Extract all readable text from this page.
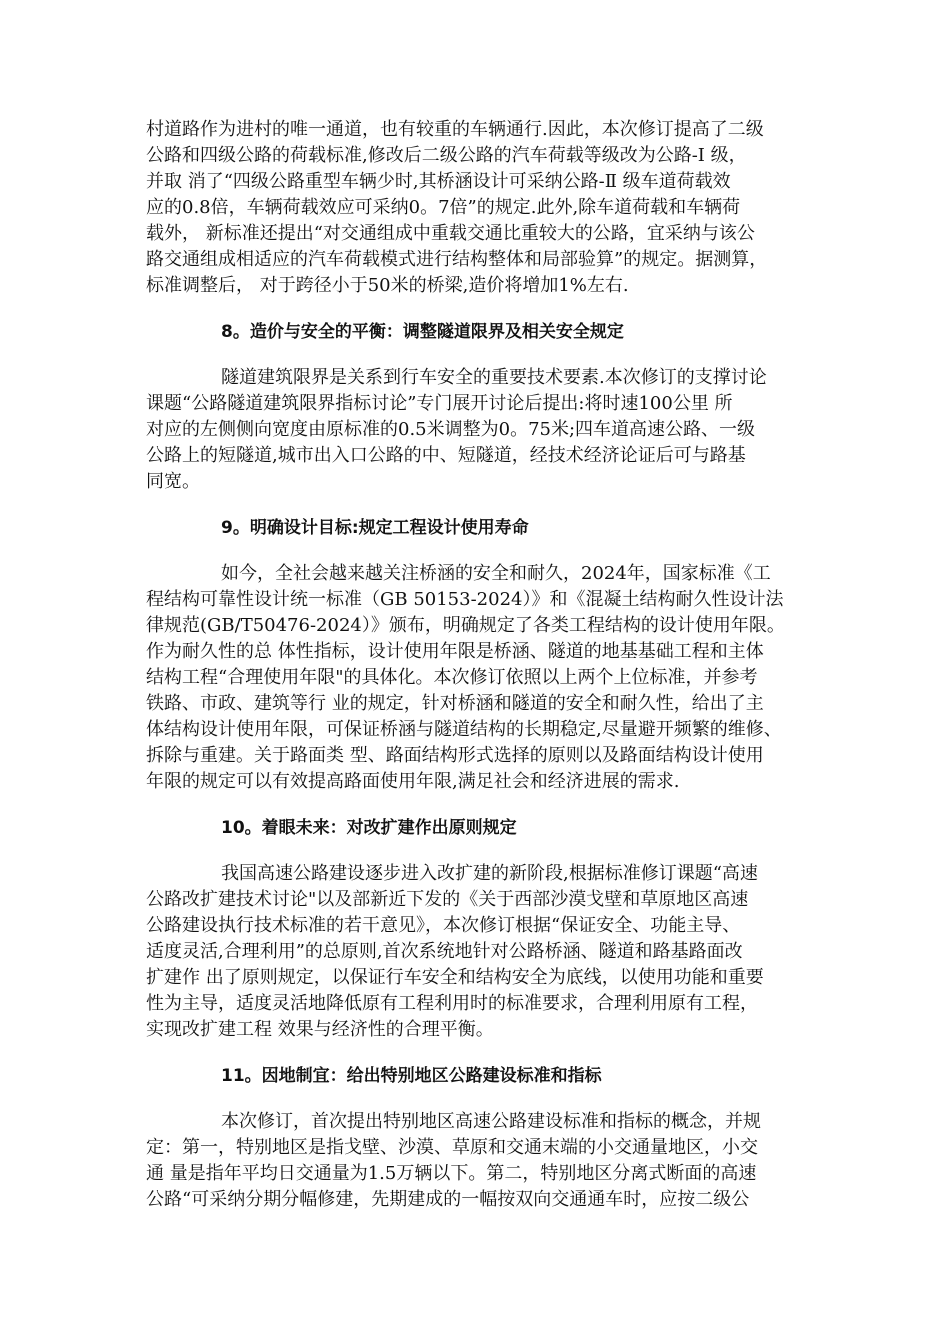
村道路作为进村的唯一通道，也有较重的车辆通行.因此，本次修订提高了二级
公路和四级公路的荷载标准,修改后二级公路的汽车荷载等级改为公路-Ⅰ 级，
并取 消了“四级公路重型车辆少时,其桥涵设计可采纳公路-Ⅱ 级车道荷载效
应的0.8倍，车辆荷载效应可采纳0。7倍”的规定.此外,除车道荷载和车辆荷
载外， 新标准还提出“对交通组成中重载交通比重较大的公路，宜采纳与该公
路交通组成相适应的汽车荷载模式进行结构整体和局部验算”的规定。据测算，
标准调整后， 对于跨径小于50米的桥梁,造价将增加1%左右.
8。造价与安全的平衡：调整隧道限界及相关安全规定
隧道建筑限界是关系到行车安全的重要技术要素.本次修订的支撑讨论
课题“公路隧道建筑限界指标讨论”专门展开讨论后提出:将时速100公里 所
对应的左侧侧向宽度由原标准的0.5米调整为0。75米;四车道高速公路、一级
公路上的短隧道,城市出入口公路的中、短隧道，经技术经济论证后可与路基
同宽。
9。明确设计目标:规定工程设计使用寿命
如今，全社会越来越关注桥涵的安全和耐久，2024年，国家标准《工
程结构可靠性设计统一标准（GB 50153-2024）》和《混凝土结构耐久性设计法
律规范(GB/T50476-2024）》颁布，明确规定了各类工程结构的设计使用年限。
作为耐久性的总 体性指标，设计使用年限是桥涵、隧道的地基基础工程和主体
结构工程“合理使用年限"的具体化。本次修订依照以上两个上位标准，并参考
铁路、市政、建筑等行 业的规定，针对桥涵和隧道的安全和耐久性，给出了主
体结构设计使用年限，可保证桥涵与隧道结构的长期稳定,尽量避开频繁的维修、
拆除与重建。关于路面类 型、路面结构形式选择的原则以及路面结构设计使用
年限的规定可以有效提高路面使用年限,满足社会和经济进展的需求.
10。着眼未来：对改扩建作出原则规定
我国高速公路建设逐步进入改扩建的新阶段,根据标准修订课题“高速
公路改扩建技术讨论"以及部新近下发的《关于西部沙漠戈壁和草原地区高速
公路建设执行技术标准的若干意见》，本次修订根据“保证安全、功能主导、
适度灵活,合理利用”的总原则,首次系统地针对公路桥涵、隧道和路基路面改
扩建作 出了原则规定，以保证行车安全和结构安全为底线，以使用功能和重要
性为主导，适度灵活地降低原有工程利用时的标准要求，合理利用原有工程，
实现改扩建工程 效果与经济性的合理平衡。
11。因地制宜：给出特别地区公路建设标准和指标
本次修订，首次提出特别地区高速公路建设标准和指标的概念，并规
定：第一，特别地区是指戈壁、沙漠、草原和交通末端的小交通量地区，小交
通 量是指年平均日交通量为1.5万辆以下。第二，特别地区分离式断面的高速
公路“可采纳分期分幅修建，先期建成的一幅按双向交通通车时，应按二级公
